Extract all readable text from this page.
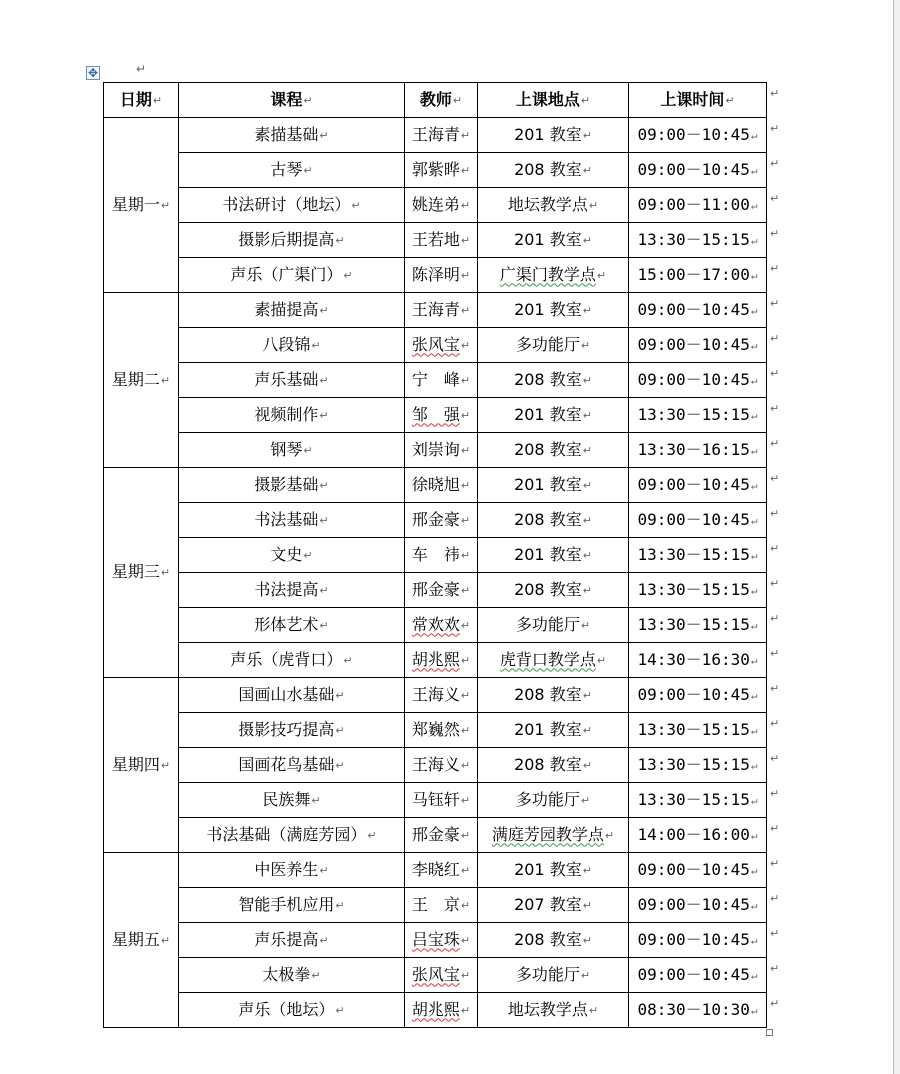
✥	↵
日期↵	课程↵	教师↵	上课地点↵	上课时间↵
星期一↵	素描基础↵	王海青↵	201 教室↵	09:00－10:45↵
	古琴↵	郭紫晔↵	208 教室↵	09:00－10:45↵
	书法研讨（地坛）↵	姚连弟↵	地坛教学点↵	09:00－11:00↵
	摄影后期提高↵	王若地↵	201 教室↵	13:30－15:15↵
	声乐（广渠门）↵	陈泽明↵	广渠门教学点↵	15:00－17:00↵
星期二↵	素描提高↵	王海青↵	201 教室↵	09:00－10:45↵
	八段锦↵	张风宝↵	多功能厅↵	09:00－10:45↵
	声乐基础↵	宁　峰↵	208 教室↵	09:00－10:45↵
	视频制作↵	邹　强↵	201 教室↵	13:30－15:15↵
	钢琴↵	刘崇询↵	208 教室↵	13:30－16:15↵
星期三↵	摄影基础↵	徐晓旭↵	201 教室↵	09:00－10:45↵
	书法基础↵	邢金豪↵	208 教室↵	09:00－10:45↵
	文史↵	车　祎↵	201 教室↵	13:30－15:15↵
	书法提高↵	邢金豪↵	208 教室↵	13:30－15:15↵
	形体艺术↵	常欢欢↵	多功能厅↵	13:30－15:15↵
	声乐（虎背口）↵	胡兆熙↵	虎背口教学点↵	14:30－16:30↵
星期四↵	国画山水基础↵	王海义↵	208 教室↵	09:00－10:45↵
	摄影技巧提高↵	郑巍然↵	201 教室↵	13:30－15:15↵
	国画花鸟基础↵	王海义↵	208 教室↵	13:30－15:15↵
	民族舞↵	马钰轩↵	多功能厅↵	13:30－15:15↵
	书法基础（满庭芳园）↵	邢金豪↵	满庭芳园教学点↵	14:00－16:00↵
星期五↵	中医养生↵	李晓红↵	201 教室↵	09:00－10:45↵
	智能手机应用↵	王　京↵	207 教室↵	09:00－10:45↵
	声乐提高↵	吕宝珠↵	208 教室↵	09:00－10:45↵
	太极拳↵	张风宝↵	多功能厅↵	09:00－10:45↵
	声乐（地坛）↵	胡兆熙↵	地坛教学点↵	08:30－10:30↵
↵
↵
↵
↵
↵
↵
↵
↵
↵
↵
↵
↵
↵
↵
↵
↵
↵
↵
↵
↵
↵
↵
↵
↵
↵
↵
↵
